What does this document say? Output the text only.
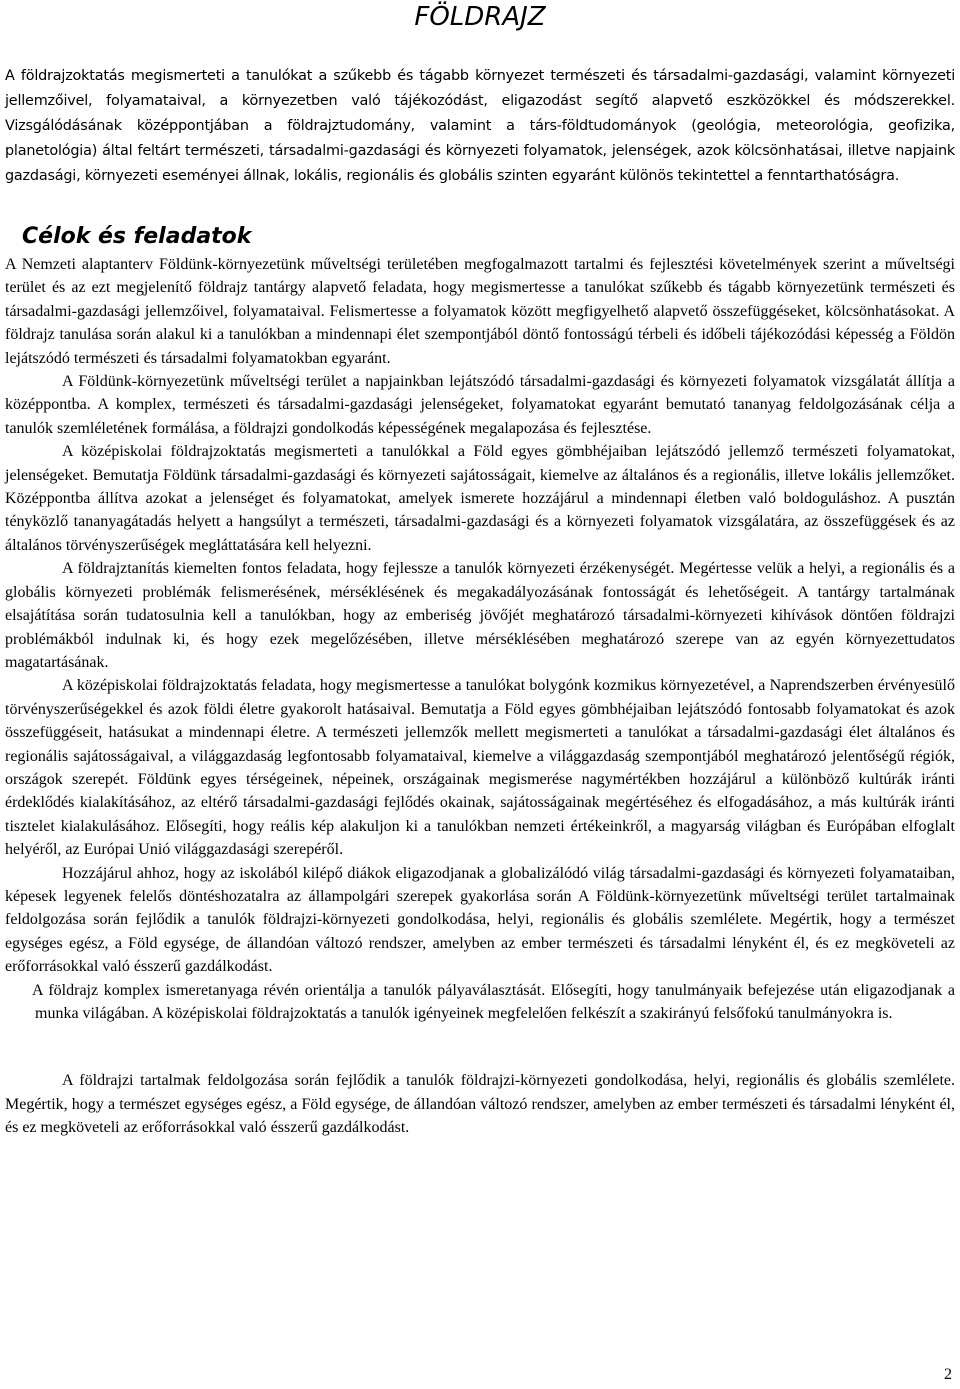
FÖLDRAJZ

A földrajzoktatás megismerteti a tanulókat a szűkebb és tágabb környezet természeti és társadalmi-gazdasági, valamint környezeti jellemzőivel, folyamataival, a környezetben való tájékozódást, eligazodást segítő alapvető eszközökkel és módszerekkel. Vizsgálódásának középpontjában a földrajztudomány, valamint a társ-földtudományok (geológia, meteorológia, geofizika, planetológia) által feltárt természeti, társadalmi-gazdasági és környezeti folyamatok, jelenségek, azok kölcsönhatásai, illetve napjaink gazdasági, környezeti eseményei állnak, lokális, regionális és globális szinten egyaránt különös tekintettel a fenntarthatóságra.

Célok és feladatok

A Nemzeti alaptanterv Földünk-környezetünk műveltségi területében megfogalmazott tartalmi és fejlesztési követelmények szerint a műveltségi terület és az ezt megjelenítő földrajz tantárgy alapvető feladata, hogy megismertesse a tanulókat szűkebb és tágabb környezetünk természeti és társadalmi-gazdasági jellemzőivel, folyamataival. Felismertesse a folyamatok között megfigyelhető alapvető összefüggéseket, kölcsönhatásokat. A földrajz tanulása során alakul ki a tanulókban a mindennapi élet szempontjából döntő fontosságú térbeli és időbeli tájékozódási képesség a Földön lejátszódó természeti és társadalmi folyamatokban egyaránt.

A Földünk-környezetünk műveltségi terület a napjainkban lejátszódó társadalmi-gazdasági és környezeti folyamatok vizsgálatát állítja a középpontba. A komplex, természeti és társadalmi-gazdasági jelenségeket, folyamatokat egyaránt bemutató tananyag feldolgozásának célja a tanulók szemléletének formálása, a földrajzi gondolkodás képességének megalapozása és fejlesztése.

A középiskolai földrajzoktatás megismerteti a tanulókkal a Föld egyes gömbhéjaiban lejátszódó jellemző természeti folyamatokat, jelenségeket. Bemutatja Földünk társadalmi-gazdasági és környezeti sajátosságait, kiemelve az általános és a regionális, illetve lokális jellemzőket. Középpontba állítva azokat a jelenséget és folyamatokat, amelyek ismerete hozzájárul a mindennapi életben való boldoguláshoz. A pusztán tényközlő tananyagátadás helyett a hangsúlyt a természeti, társadalmi-gazdasági és a környezeti folyamatok vizsgálatára, az összefüggések és az általános törvényszerűségek megláttatására kell helyezni.

A földrajztanítás kiemelten fontos feladata, hogy fejlessze a tanulók környezeti érzékenységét. Megértesse velük a helyi, a regionális és a globális környezeti problémák felismerésének, mérséklésének és megakadályozásának fontosságát és lehetőségeit. A tantárgy tartalmának elsajátítása során tudatosulnia kell a tanulókban, hogy az emberiség jövőjét meghatározó társadalmi-környezeti kihívások döntően földrajzi problémákból indulnak ki, és hogy ezek megelőzésében, illetve mérséklésében meghatározó szerepe van az egyén környezettudatos magatartásának.

A középiskolai földrajzoktatás feladata, hogy megismertesse a tanulókat bolygónk kozmikus környezetével, a Naprendszerben érvényesülő törvényszerűségekkel és azok földi életre gyakorolt hatásaival. Bemutatja a Föld egyes gömbhéjaiban lejátszódó fontosabb folyamatokat és azok összefüggéseit, hatásukat a mindennapi életre. A természeti jellemzők mellett megismerteti a tanulókat a társadalmi-gazdasági élet általános és regionális sajátosságaival, a világgazdaság legfontosabb folyamataival, kiemelve a világgazdaság szempontjából meghatározó jelentőségű régiók, országok szerepét. Földünk egyes térségeinek, népeinek, országainak megismerése nagymértékben hozzájárul a különböző kultúrák iránti érdeklődés kialakításához, az eltérő társadalmi-gazdasági fejlődés okainak, sajátosságainak megértéséhez és elfogadásához, a más kultúrák iránti tisztelet kialakulásához. Elősegíti, hogy reális kép alakuljon ki a tanulókban nemzeti értékeinkről, a magyarság világban és Európában elfoglalt helyéről, az Európai Unió világgazdasági szerepéről.

Hozzájárul ahhoz, hogy az iskolából kilépő diákok eligazodjanak a globalizálódó világ társadalmi-gazdasági és környezeti folyamataiban, képesek legyenek felelős döntéshozatalra az állampolgári szerepek gyakorlása során A Földünk-környezetünk műveltségi terület tartalmainak feldolgozása során fejlődik a tanulók földrajzi-környezeti gondolkodása, helyi, regionális és globális szemlélete. Megértik, hogy a természet egységes egész, a Föld egysége, de állandóan változó rendszer, amelyben az ember természeti és társadalmi lényként él, és ez megköveteli az erőforrásokkal való ésszerű gazdálkodást.

A földrajz komplex ismeretanyaga révén orientálja a tanulók pályaválasztását. Elősegíti, hogy tanulmányaik befejezése után eligazodjanak a munka világában. A középiskolai földrajzoktatás a tanulók igényeinek megfelelően felkészít a szakirányú felsőfokú tanulmányokra is.

A földrajzi tartalmak feldolgozása során fejlődik a tanulók földrajzi-környezeti gondolkodása, helyi, regionális és globális szemlélete. Megértik, hogy a természet egységes egész, a Föld egysége, de állandóan változó rendszer, amelyben az ember természeti és társadalmi lényként él, és ez megköveteli az erőforrásokkal való ésszerű gazdálkodást.

2
